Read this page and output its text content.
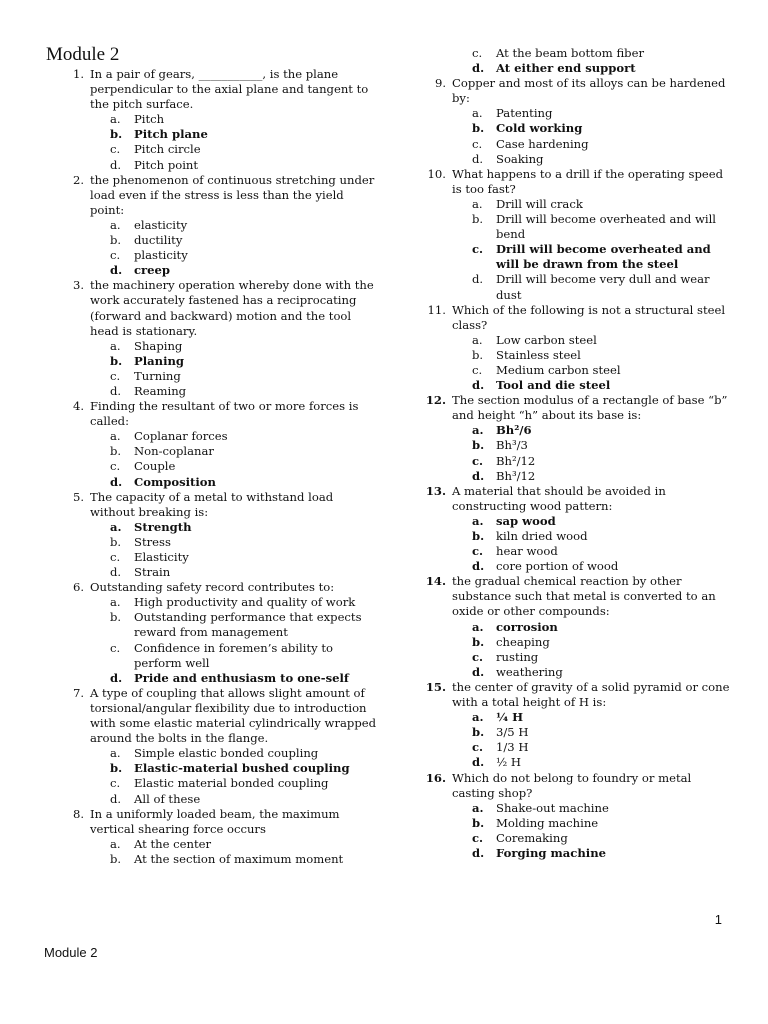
Module 2
1. In a pair of gears, ___________, is the plane perpendicular to the axial plane and tangent to the pitch surface.
a.	Pitch
b.	Pitch plane
c.	Pitch circle
d.	Pitch point
2. the phenomenon of continuous stretching under load even if the stress is less than the yield point:
a.	elasticity
b.	ductility
c.	plasticity
d.	creep
3. the machinery operation whereby done with the work accurately fastened has a reciprocating (forward and backward) motion and the tool head is stationary.
a.	Shaping
b.	Planing
c.	Turning
d.	Reaming
4. Finding the resultant of two or more forces is called:
a.	Coplanar forces
b.	Non-coplanar
c.	Couple
d.	Composition
5. The capacity of a metal to withstand load without breaking is:
a.	Strength
b.	Stress
c.	Elasticity
d.	Strain
6. Outstanding safety record contributes to:
a.	High productivity and quality of work
b.	Outstanding performance that expects reward from management
c.	Confidence in foremen’s ability to perform well
d.	Pride and enthusiasm to one-self
7. A type of coupling that allows slight amount of torsional/angular flexibility due to introduction with some elastic material cylindrically wrapped around the bolts in the flange.
a.	Simple elastic bonded coupling
b.	Elastic-material bushed coupling
c.	Elastic material bonded coupling
d.	All of these
8. In a uniformly loaded beam, the maximum vertical shearing force occurs
a.	At the center
b.	At the section of maximum moment
c.	At the beam bottom fiber
d.	At either end support
9. Copper and most of its alloys can be hardened by:
a.	Patenting
b.	Cold working
c.	Case hardening
d.	Soaking
10. What happens to a drill if the operating speed is too fast?
a.	Drill will crack
b.	Drill will become overheated and will bend
c.	Drill will become overheated and will be drawn from the steel
d.	Drill will become very dull and wear dust
11. Which of the following is not a structural steel class?
a.	Low carbon steel
b.	Stainless steel
c.	Medium carbon steel
d.	Tool and die steel
12. The section modulus of a rectangle of base “b” and height “h” about its base is:
a.	Bh²/6
b.	Bh³/3
c.	Bh²/12
d.	Bh³/12
13. A material that should be avoided in constructing wood pattern:
a.	sap wood
b.	kiln dried wood
c.	hear wood
d.	core portion of wood
14. the gradual chemical reaction by other substance such that metal is converted to an oxide or other compounds:
a.	corrosion
b.	cheaping
c.	rusting
d.	weathering
15. the center of gravity of a solid pyramid or cone with a total height of H is:
a.	¼ H
b.	3/5 H
c.	1/3 H
d.	½ H
16. Which do not belong to foundry or metal casting shop?
a.	Shake-out machine
b.	Molding machine
c.	Coremaking
d.	Forging machine
1
Module 2
